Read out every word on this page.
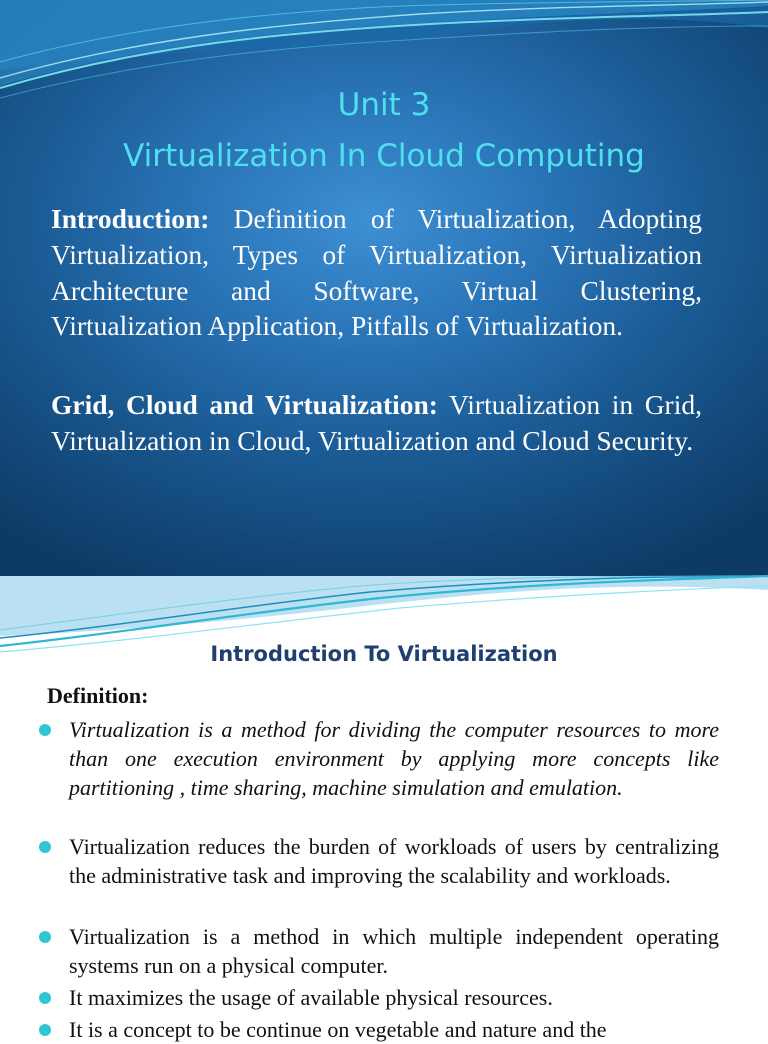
Unit 3
Virtualization In Cloud Computing
Introduction: Definition of Virtualization, Adopting Virtualization, Types of Virtualization, Virtualization Architecture and Software, Virtual Clustering, Virtualization Application, Pitfalls of Virtualization.
Grid, Cloud and Virtualization: Virtualization in Grid, Virtualization in Cloud, Virtualization and Cloud Security.
Introduction To Virtualization
Definition:
Virtualization is a method for dividing the computer resources to more than one execution environment by applying more concepts like partitioning , time sharing, machine simulation and emulation.
Virtualization reduces the burden of workloads of users by centralizing the administrative task and improving the scalability and workloads.
Virtualization is a method in which multiple independent operating systems run on a physical computer.
It maximizes the usage of available physical resources.
It is a concept to be continue on vegetable and nature and the
